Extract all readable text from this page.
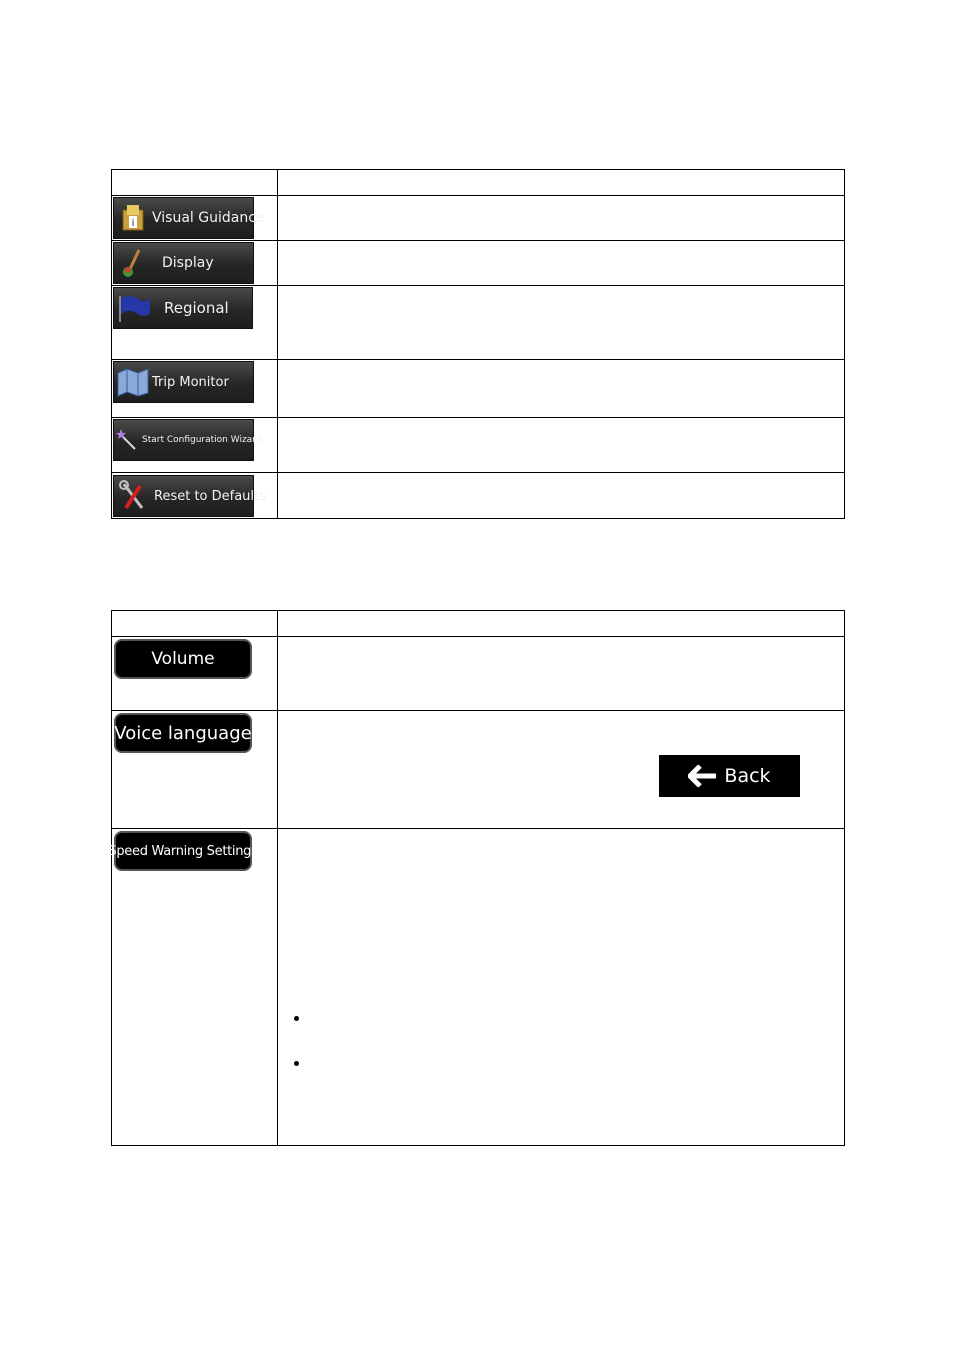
i Visual Guidance
Display
Regional
Trip Monitor
Start Configuration Wizard
Reset to Defaults
Volume
Voice language
Back
Speed Warning Settings
